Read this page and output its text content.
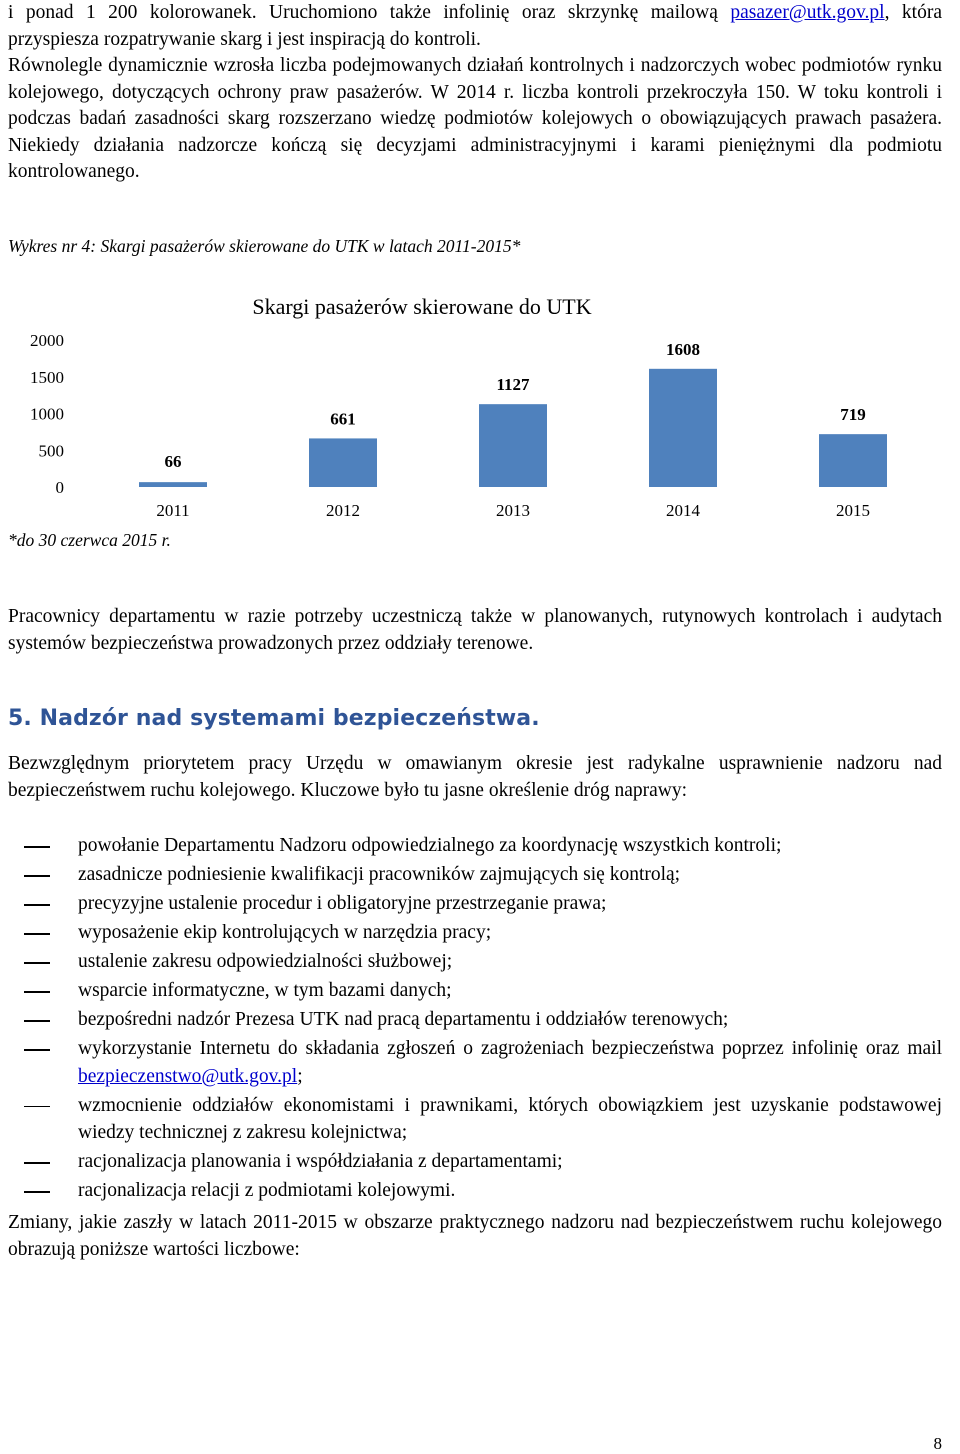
i ponad 1 200 kolorowanek. Uruchomiono także infolinię oraz skrzynkę mailową pasazer@utk.gov.pl, która przyspiesza rozpatrywanie skarg i jest inspiracją do kontroli.

Równolegle dynamicznie wzrosła liczba podejmowanych działań kontrolnych i nadzorczych wobec podmiotów rynku kolejowego, dotyczących ochrony praw pasażerów. W 2014 r. liczba kontroli przekroczyła 150. W toku kontroli i podczas badań zasadności skarg rozszerzano wiedzę podmiotów kolejowych o obowiązujących prawach pasażera. Niekiedy działania nadzorcze kończą się decyzjami administracyjnymi i karami pieniężnymi dla podmiotu kontrolowanego.

Wykres nr 4: Skargi pasażerów skierowane do UTK w latach 2011-2015*

Skargi pasażerów skierowane do UTK
2000
1500
1000
500
0
66
661
1127
1608
719
2011	2012	2013	2014	2015

*do 30 czerwca 2015 r.

Pracownicy departamentu w razie potrzeby uczestniczą także w planowanych, rutynowych kontrolach i audytach systemów bezpieczeństwa prowadzonych przez oddziały terenowe.

5. Nadzór nad systemami bezpieczeństwa.

Bezwzględnym priorytetem pracy Urzędu w omawianym okresie jest radykalne usprawnienie nadzoru nad bezpieczeństwem ruchu kolejowego. Kluczowe było tu jasne określenie dróg naprawy:

powołanie Departamentu Nadzoru odpowiedzialnego za koordynację wszystkich kontroli;
zasadnicze podniesienie kwalifikacji pracowników zajmujących się kontrolą;
precyzyjne ustalenie procedur i obligatoryjne przestrzeganie prawa;
wyposażenie ekip kontrolujących w narzędzia pracy;
ustalenie zakresu odpowiedzialności służbowej;
wsparcie informatyczne, w tym bazami danych;
bezpośredni nadzór Prezesa UTK nad pracą departamentu i oddziałów terenowych;
wykorzystanie Internetu do składania zgłoszeń o zagrożeniach bezpieczeństwa poprzez infolinię oraz mail bezpieczenstwo@utk.gov.pl;
wzmocnienie oddziałów ekonomistami i prawnikami, których obowiązkiem jest uzyskanie podstawowej wiedzy technicznej z zakresu kolejnictwa;
racjonalizacja planowania i współdziałania z departamentami;
racjonalizacja relacji z podmiotami kolejowymi.

Zmiany, jakie zaszły w latach 2011-2015 w obszarze praktycznego nadzoru nad bezpieczeństwem ruchu kolejowego obrazują poniższe wartości liczbowe:

8
